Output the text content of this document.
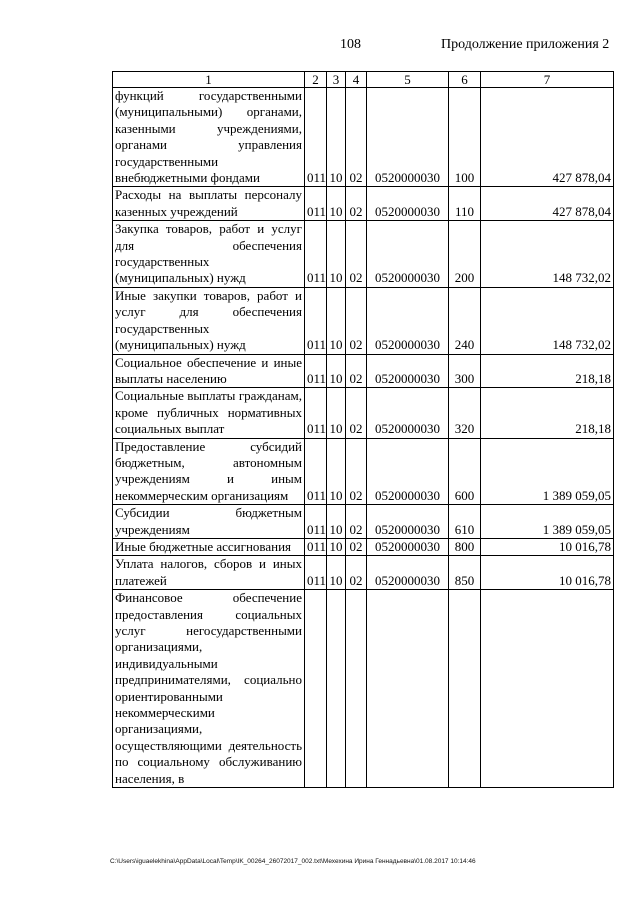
108	Продолжение приложения 2
1	2	3	4	5	6	7
функций государственными (муниципальными) органами, казенными учреждениями, органами управления государственными внебюджетными фондами	011	10	02	0520000030	100	427 878,04
Расходы на выплаты персоналу казенных учреждений	011	10	02	0520000030	110	427 878,04
Закупка товаров, работ и услуг для обеспечения государственных (муниципальных) нужд	011	10	02	0520000030	200	148 732,02
Иные закупки товаров, работ и услуг для обеспечения государственных (муниципальных) нужд	011	10	02	0520000030	240	148 732,02
Социальное обеспечение и иные выплаты населению	011	10	02	0520000030	300	218,18
Социальные выплаты гражданам, кроме публичных нормативных социальных выплат	011	10	02	0520000030	320	218,18
Предоставление субсидий бюджетным, автономным учреждениям и иным некоммерческим организациям	011	10	02	0520000030	600	1 389 059,05
Субсидии бюджетным учреждениям	011	10	02	0520000030	610	1 389 059,05
Иные бюджетные ассигнования	011	10	02	0520000030	800	10 016,78
Уплата налогов, сборов и иных платежей	011	10	02	0520000030	850	10 016,78
Финансовое обеспечение предоставления социальных услуг негосударственными организациями, индивидуальными предпринимателями, социально ориентированными некоммерческими организациями, осуществляющими деятельность по социальному обслуживанию населения, в						
C:\Users\iguaelekhina\AppData\Local\Temp\IK_00264_26072017_002.txt\Мехехина Ирина Геннадьевна\01.08.2017 10:14:46
